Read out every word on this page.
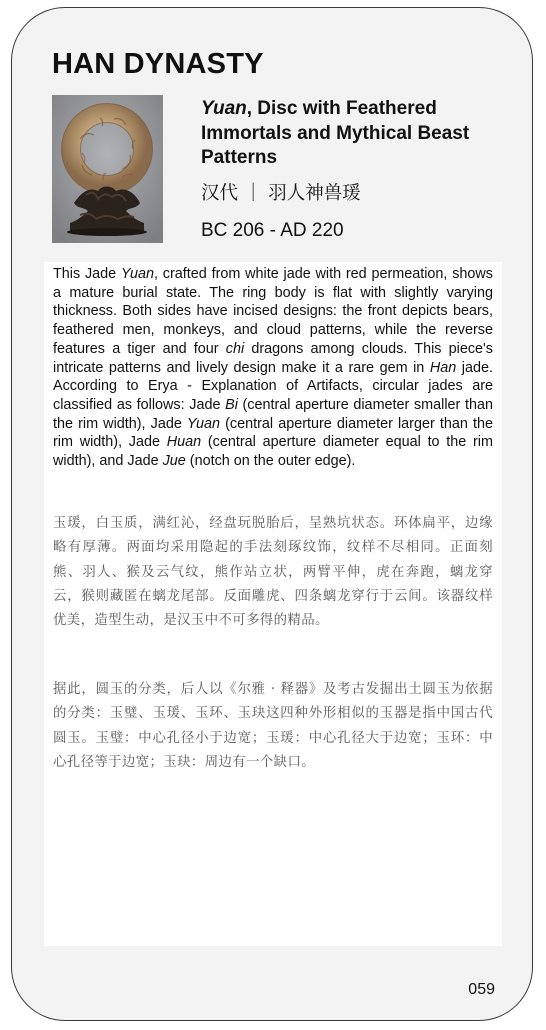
HAN DYNASTY
Yuan, Disc with Feathered Immortals and Mythical Beast Patterns
汉代 ｜ 羽人神兽瑗
BC 206 - AD 220

This Jade Yuan, crafted from white jade with red permeation, shows a mature burial state. The ring body is flat with slightly varying thickness. Both sides have incised designs: the front depicts bears, feathered men, monkeys, and cloud patterns, while the reverse features a tiger and four chi dragons among clouds. This piece's intricate patterns and lively design make it a rare gem in Han jade. According to Erya - Explanation of Artifacts, circular jades are classified as follows: Jade Bi (central aperture diameter smaller than the rim width), Jade Yuan (central aperture diameter larger than the rim width), Jade Huan (central aperture diameter equal to the rim width), and Jade Jue (notch on the outer edge).

玉瑗，白玉质，满红沁，经盘玩脱胎后，呈熟坑状态。环体扁平，边缘略有厚薄。两面均采用隐起的手法刻琢纹饰，纹样不尽相同。正面刻熊、羽人、猴及云气纹，熊作站立状，两臂平伸，虎在奔跑，螭龙穿云，猴则藏匿在螭龙尾部。反面雕虎、四条螭龙穿行于云间。该器纹样优美，造型生动，是汉玉中不可多得的精品。

据此，圆玉的分类，后人以《尔雅 · 释器》及考古发掘出土圆玉为依据的分类：玉璧、玉瑗、玉环、玉玦这四种外形相似的玉器是指中国古代圆玉。玉璧：中心孔径小于边宽；玉瑗：中心孔径大于边宽；玉环：中心孔径等于边宽；玉玦：周边有一个缺口。

059
